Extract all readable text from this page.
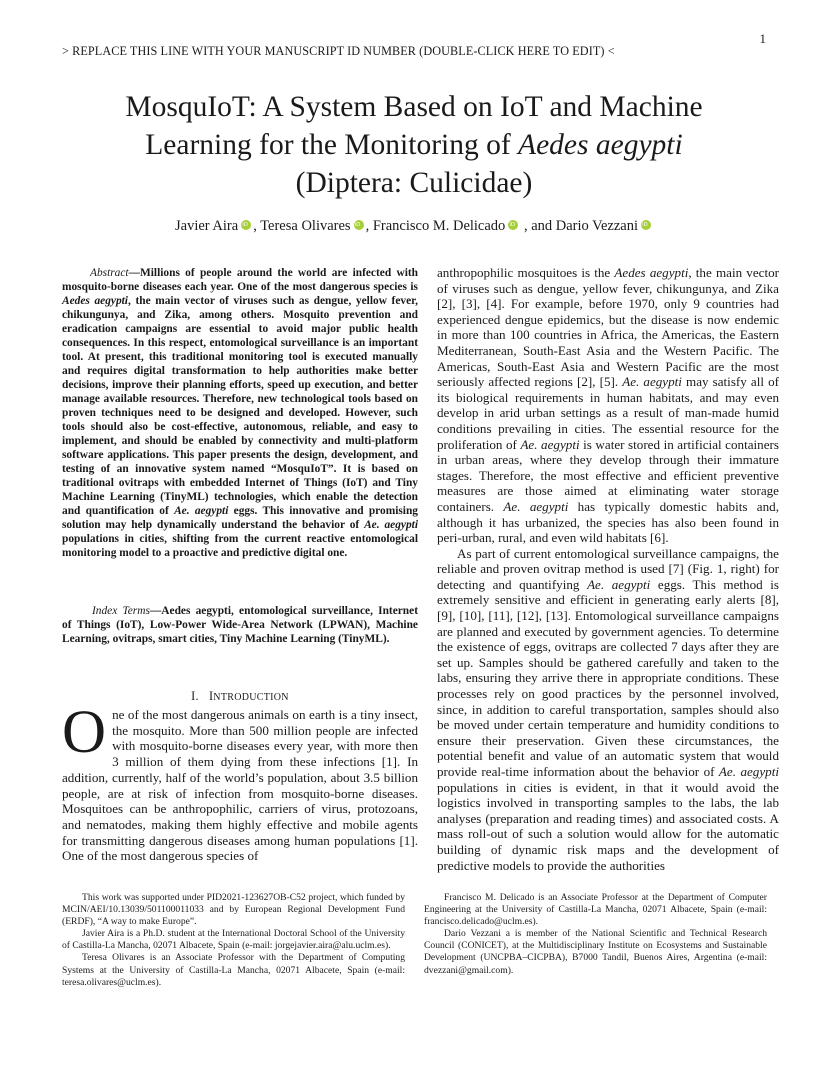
1
> REPLACE THIS LINE WITH YOUR MANUSCRIPT ID NUMBER (DOUBLE-CLICK HERE TO EDIT) <
MosquIoT: A System Based on IoT and Machine
Learning for the Monitoring of Aedes aegypti
(Diptera: Culicidae)
Javier Aira iD , Teresa Olivares iD , Francisco M. DelicadoiD , and Dario VezzaniiD
Abstract—Millions of people around the world are infected with mosquito-borne diseases each year. One of the most dangerous species is Aedes aegypti, the main vector of viruses such as dengue, yellow fever, chikungunya, and Zika, among others. Mosquito prevention and eradication campaigns are essential to avoid major public health consequences. In this respect, entomological surveillance is an important tool. At present, this traditional monitoring tool is executed manually and requires digital transformation to help authorities make better decisions, improve their planning efforts, speed up execution, and better manage available resources. Therefore, new technological tools based on proven techniques need to be designed and developed. However, such tools should also be cost-effective, autonomous, reliable, and easy to implement, and should be enabled by connectivity and multi-platform software applications. This paper presents the design, development, and testing of an innovative system named “MosquIoT”. It is based on traditional ovitraps with embedded Internet of Things (IoT) and Tiny Machine Learning (TinyML) technologies, which enable the detection and quantification of Ae. aegypti eggs. This innovative and promising solution may help dynamically understand the behavior of Ae. aegypti populations in cities, shifting from the current reactive entomological monitoring model to a proactive and predictive digital one.
Index Terms—Aedes aegypti, entomological surveillance, Internet of Things (IoT), Low-Power Wide-Area Network (LPWAN), Machine Learning, ovitraps, smart cities, Tiny Machine Learning (TinyML).
I. INTRODUCTION
One of the most dangerous animals on earth is a tiny insect, the mosquito. More than 500 million people are infected with mosquito-borne diseases every year, with more then 3 million of them dying from these infections [1]. In addition, currently, half of the world’s population, about 3.5 billion people, are at risk of infection from mosquito-borne diseases. Mosquitoes can be anthropophilic, carriers of virus, protozoans, and nematodes, making them highly effective and mobile agents for transmitting dangerous diseases among human populations [1]. One of the most dangerous species of

anthropophilic mosquitoes is the Aedes aegypti, the main vector of viruses such as dengue, yellow fever, chikungunya, and Zika [2], [3], [4]. For example, before 1970, only 9 countries had experienced dengue epidemics, but the disease is now endemic in more than 100 countries in Africa, the Americas, the Eastern Mediterranean, South-East Asia and the Western Pacific. The Americas, South-East Asia and Western Pacific are the most seriously affected regions [2], [5]. Ae. aegypti may satisfy all of its biological requirements in human habitats, and may even develop in arid urban settings as a result of man-made humid conditions prevailing in cities. The essential resource for the proliferation of Ae. aegypti is water stored in artificial containers in urban areas, where they develop through their immature stages. Therefore, the most effective and efficient preventive measures are those aimed at eliminating water storage containers. Ae. aegypti has typically domestic habits and, although it has urbanized, the species has also been found in peri-urban, rural, and even wild habitats [6].

As part of current entomological surveillance campaigns, the reliable and proven ovitrap method is used [7] (Fig. 1, right) for detecting and quantifying Ae. aegypti eggs. This method is extremely sensitive and efficient in generating early alerts [8], [9], [10], [11], [12], [13]. Entomological surveillance campaigns are planned and executed by government agencies. To determine the existence of eggs, ovitraps are collected 7 days after they are set up. Samples should be gathered carefully and taken to the labs, ensuring they arrive there in appropriate conditions. These processes rely on good practices by the personnel involved, since, in addition to careful transportation, samples should also be moved under certain temperature and humidity conditions to ensure their preservation. Given these circumstances, the potential benefit and value of an automatic system that would provide real-time information about the behavior of Ae. aegypti populations in cities is evident, in that it would avoid the logistics involved in transporting samples to the labs, the lab analyses (preparation and reading times) and associated costs. A mass roll-out of such a solution would allow for the automatic building of dynamic risk maps and the development of predictive models to provide the authorities

This work was supported under PID2021-123627OB-C52 project, which funded by MCIN/AEI/10.13039/501100011033 and by European Regional Development Fund (ERDF), “A way to make Europe”.

Javier Aira is a Ph.D. student at the International Doctoral School of the University of Castilla-La Mancha, 02071 Albacete, Spain (e-mail: jorgejavier.aira@alu.uclm.es).

Teresa Olivares is an Associate Professor with the Department of Computing Systems at the University of Castilla-La Mancha, 02071 Albacete, Spain (e-mail: teresa.olivares@uclm.es).

Francisco M. Delicado is an Associate Professor at the Department of Computer Engineering at the University of Castilla-La Mancha, 02071 Albacete, Spain (e-mail: francisco.delicado@uclm.es).

Dario Vezzani a is member of the National Scientific and Technical Research Council (CONICET), at the Multidisciplinary Institute on Ecosystems and Sustainable Development (UNCPBA–CICPBA), B7000 Tandil, Buenos Aires, Argentina (e-mail: dvezzani@gmail.com).
